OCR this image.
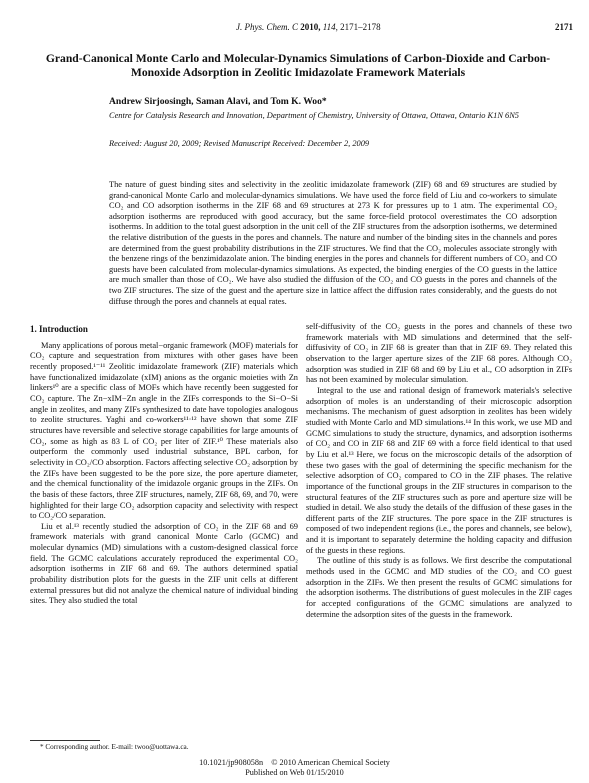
J. Phys. Chem. C 2010, 114, 2171–2178	2171
Grand-Canonical Monte Carlo and Molecular-Dynamics Simulations of Carbon-Dioxide and Carbon-Monoxide Adsorption in Zeolitic Imidazolate Framework Materials
Andrew Sirjoosingh, Saman Alavi, and Tom K. Woo*
Centre for Catalysis Research and Innovation, Department of Chemistry, University of Ottawa, Ottawa, Ontario K1N 6N5
Received: August 20, 2009; Revised Manuscript Received: December 2, 2009
The nature of guest binding sites and selectivity in the zeolitic imidazolate framework (ZIF) 68 and 69 structures are studied by grand-canonical Monte Carlo and molecular-dynamics simulations. We have used the force field of Liu and co-workers to simulate CO₂ and CO adsorption isotherms in the ZIF 68 and 69 structures at 273 K for pressures up to 1 atm. The experimental CO₂ adsorption isotherms are reproduced with good accuracy, but the same force-field protocol overestimates the CO adsorption isotherms. In addition to the total guest adsorption in the unit cell of the ZIF structures from the adsorption isotherms, we determined the relative distribution of the guests in the pores and channels. The nature and number of the binding sites in the channels and pores are determined from the guest probability distributions in the ZIF structures. We find that the CO₂ molecules associate strongly with the benzene rings of the benzimidazolate anion. The binding energies in the pores and channels for different numbers of CO₂ and CO guests have been calculated from molecular-dynamics simulations. As expected, the binding energies of the CO guests in the lattice are much smaller than those of CO₂. We have also studied the diffusion of the CO₂ and CO guests in the pores and channels of the two ZIF structures. The size of the guest and the aperture size in lattice affect the diffusion rates considerably, and the guests do not diffuse through the pores and channels at equal rates.
1. Introduction

Many applications of porous metal−organic framework (MOF) materials for CO₂ capture and sequestration from mixtures with other gases have been recently proposed.¹⁻¹¹ Zeolitic imidazolate framework (ZIF) materials which have functionalized imidazolate (xIM) anions as the organic moieties with Zn linkers¹⁰ are a specific class of MOFs which have recently been suggested for CO₂ capture. The Zn−xIM−Zn angle in the ZIFs corresponds to the Si−O−Si angle in zeolites, and many ZIFs synthesized to date have topologies analogous to zeolite structures. Yaghi and co-workers¹¹·¹² have shown that some ZIF structures have reversible and selective storage capabilities for large amounts of CO₂, some as high as 83 L of CO₂ per liter of ZIF.¹⁰ These materials also outperform the commonly used industrial substance, BPL carbon, for selectivity in CO₂/CO absorption. Factors affecting selective CO₂ adsorption by the ZIFs have been suggested to be the pore size, the pore aperture diameter, and the chemical functionality of the imidazole organic groups in the ZIFs. On the basis of these factors, three ZIF structures, namely, ZIF 68, 69, and 70, were highlighted for their large CO₂ adsorption capacity and selectivity with respect to CO₂/CO separation.

Liu et al.¹³ recently studied the adsorption of CO₂ in the ZIF 68 and 69 framework materials with grand canonical Monte Carlo (GCMC) and molecular dynamics (MD) simulations with a custom-designed classical force field. The GCMC calculations accurately reproduced the experimental CO₂ adsorption isotherms in ZIF 68 and 69. The authors determined spatial probability distribution plots for the guests in the ZIF unit cells at different external pressures but did not analyze the chemical nature of individual binding sites. They also studied the total

self-diffusivity of the CO₂ guests in the pores and channels of these two framework materials with MD simulations and determined that the self-diffusivity of CO₂ in ZIF 68 is greater than that in ZIF 69. They related this observation to the larger aperture sizes of the ZIF 68 pores. Although CO₂ adsorption was studied in ZIF 68 and 69 by Liu et al., CO adsorption in ZIFs has not been examined by molecular simulation.

Integral to the use and rational design of framework materials's selective adsorption of moles is an understanding of their microscopic adsorption mechanisms. The mechanism of guest adsorption in zeolites has been widely studied with Monte Carlo and MD simulations.¹⁴ In this work, we use MD and GCMC simulations to study the structure, dynamics, and adsorption isotherms of CO₂ and CO in ZIF 68 and ZIF 69 with a force field identical to that used by Liu et al.¹³ Here, we focus on the microscopic details of the adsorption of these two gases with the goal of determining the specific mechanism for the selective adsorption of CO₂ compared to CO in the ZIF phases. The relative importance of the functional groups in the ZIF structures in comparison to the structural features of the ZIF structures such as pore and aperture size will be studied in detail. We also study the details of the diffusion of these gases in the different parts of the ZIF structures. The pore space in the ZIF structures is composed of two independent regions (i.e., the pores and channels, see below), and it is important to separately determine the holding capacity and diffusion of the guests in these regions.

The outline of this study is as follows. We first describe the computational methods used in the GCMC and MD studies of the CO₂ and CO guest adsorption in the ZIFs. We then present the results of GCMC simulations for the adsorption isotherms. The distributions of guest molecules in the ZIF cages for accepted configurations of the GCMC simulations are analyzed to determine the adsorption sites of the guests in the framework.

* Corresponding author. E-mail: twoo@uottawa.ca.
10.1021/jp908058n © 2010 American Chemical Society
Published on Web 01/15/2010
